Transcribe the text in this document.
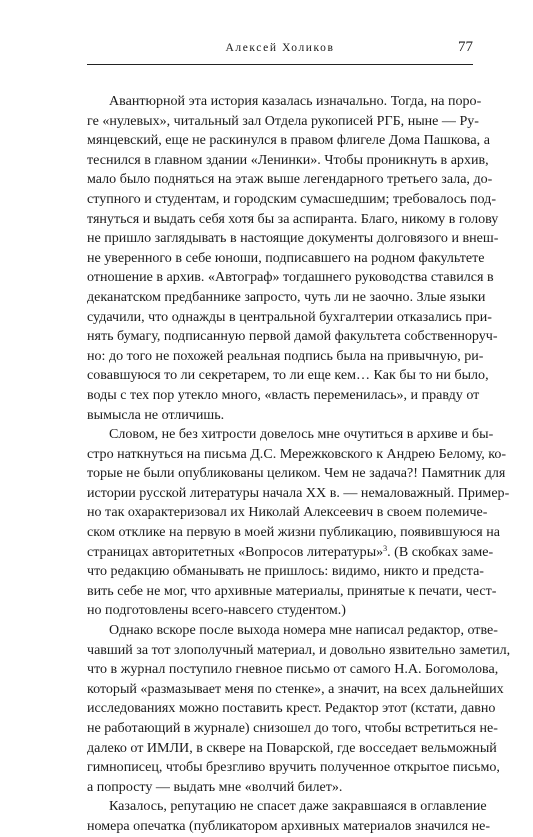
Алексей Холиков	77
Авантюрной эта история казалась изначально. Тогда, на поро-
ге «нулевых», читальный зал Отдела рукописей РГБ, ныне — Ру-
мянцевский, еще не раскинулся в правом флигеле Дома Пашкова, а
теснился в главном здании «Ленинки». Чтобы проникнуть в архив,
мало было подняться на этаж выше легендарного третьего зала, до-
ступного и студентам, и городским сумасшедшим; требовалось под-
тянуться и выдать себя хотя бы за аспиранта. Благо, никому в голову
не пришло заглядывать в настоящие документы долговязого и внеш-
не уверенного в себе юноши, подписавшего на родном факультете
отношение в архив. «Автограф» тогдашнего руководства ставился в
деканатском предбаннике запросто, чуть ли не заочно. Злые языки
судачили, что однажды в центральной бухгалтерии отказались при-
нять бумагу, подписанную первой дамой факультета собственноруч-
но: до того не похожей реальная подпись была на привычную, ри-
совавшуюся то ли секретарем, то ли еще кем… Как бы то ни было,
воды с тех пор утекло много, «власть переменилась», и правду от
вымысла не отличишь.
Словом, не без хитрости довелось мне очутиться в архиве и бы-
стро наткнуться на письма Д.С. Мережковского к Андрею Белому, ко-
торые не были опубликованы целиком. Чем не задача?! Памятник для
истории русской литературы начала XX в. — немаловажный. Пример-
но так охарактеризовал их Николай Алексеевич в своем полемиче-
ском отклике на первую в моей жизни публикацию, появившуюся на
страницах авторитетных «Вопросов литературы»$^3$. (В скобках заме-
что редакцию обманывать не пришлось: видимо, никто и предста-
вить себе не мог, что архивные материалы, принятые к печати, чест-
но подготовлены всего-навсего студентом.)
Однако вскоре после выхода номера мне написал редактор, отве-
чавший за тот злополучный материал, и довольно язвительно заметил,
что в журнал поступило гневное письмо от самого Н.А. Богомолова,
который «размазывает меня по стенке», а значит, на всех дальнейших
исследованиях можно поставить крест. Редактор этот (кстати, давно
не работающий в журнале) снизошел до того, чтобы встретиться не-
далеко от ИМЛИ, в сквере на Поварской, где восседает вельможный
гимнописец, чтобы брезгливо вручить полученное открытое письмо,
а попросту — выдать мне «волчий билет».
Казалось, репутацию не спасет даже закравшаяся в оглавление
номера опечатка (публикатором архивных материалов значился не-
